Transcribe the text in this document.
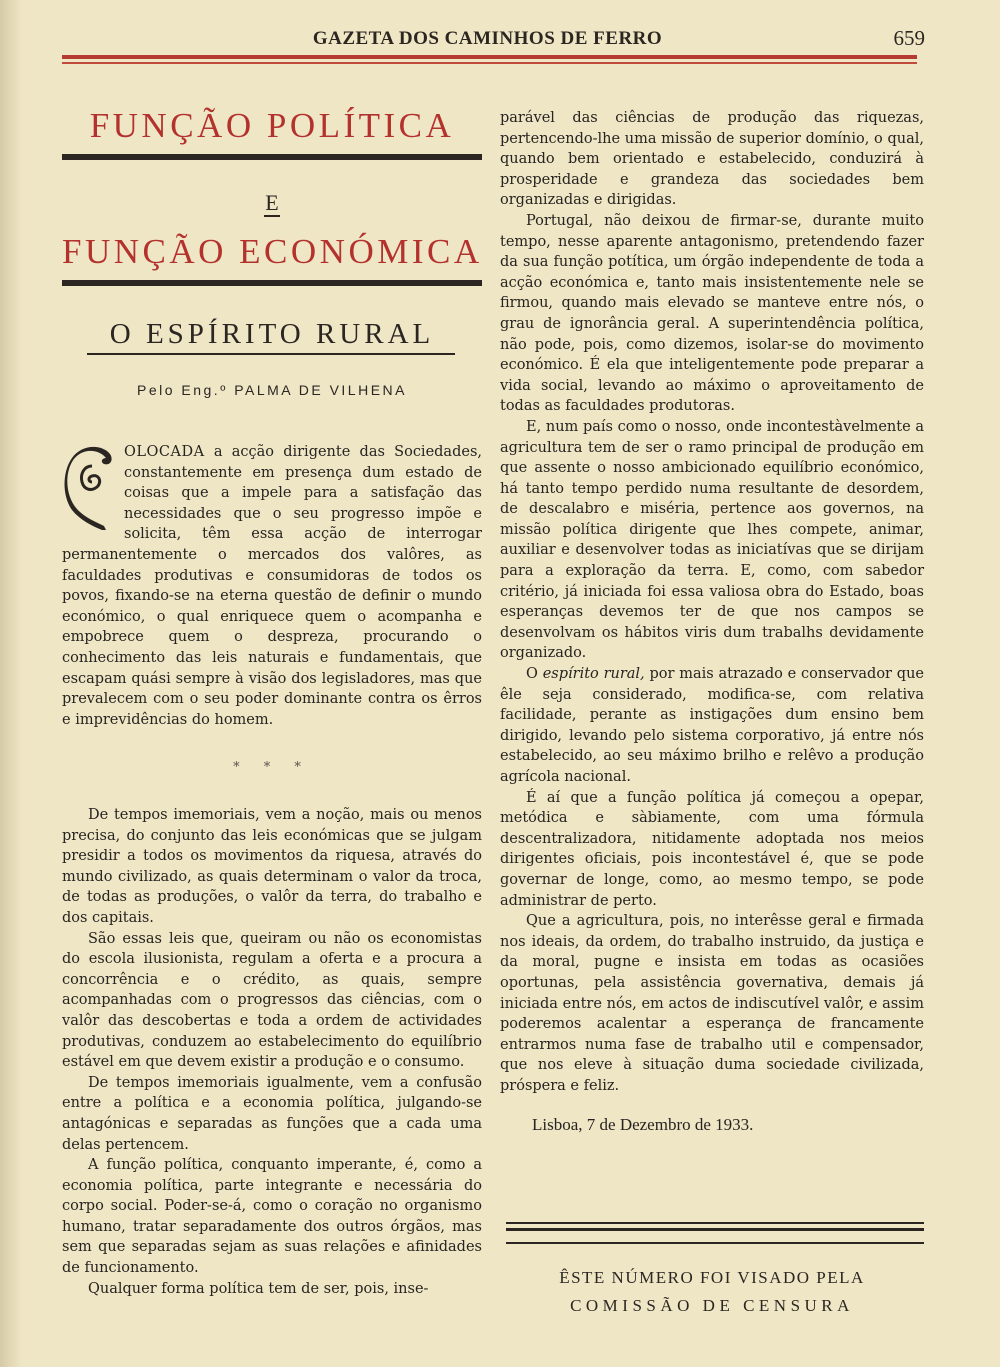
GAZETA DOS CAMINHOS DE FERRO	659
FUNÇÃO POLÍTICA
E
FUNÇÃO ECONÓMICA
O ESPÍRITO RURAL
Pelo Eng.º PALMA DE VILHENA

OLOCADA a acção dirigente das Sociedades, constantemente em presença dum estado de coisas que a impele para a satisfação das necessidades que o seu progresso impõe e solicita, têm essa acção de interrogar permanentemente o mercados dos valôres, as faculdades produtivas e consumidoras de todos os povos, fixando-se na eterna questão de definir o mundo económico, o qual enriquece quem o acompanha e empobrece quem o despreza, procurando o conhecimento das leis naturais e fundamentais, que escapam quási sempre à visão dos legisladores, mas que prevalecem com o seu poder dominante contra os êrros e imprevidências do homem.

* * *

De tempos imemoriais, vem a noção, mais ou menos precisa, do conjunto das leis económicas que se julgam presidir a todos os movimentos da riquesa, através do mundo civilizado, as quais determinam o valor da troca, de todas as produções, o valôr da terra, do trabalho e dos capitais.

São essas leis que, queiram ou não os economistas do escola ilusionista, regulam a oferta e a procura a concorrência e o crédito, as quais, sempre acompanhadas com o progressos das ciências, com o valôr das descobertas e toda a ordem de actividades produtivas, conduzem ao estabelecimento do equilíbrio estável em que devem existir a produção e o consumo.

De tempos imemoriais igualmente, vem a confusão entre a política e a economia política, julgando-se antagónicas e separadas as funções que a cada uma delas pertencem.

A função política, conquanto imperante, é, como a economia política, parte integrante e necessária do corpo social. Poder-se-á, como o coração no organismo humano, tratar separadamente dos outros órgãos, mas sem que separadas sejam as suas relações e afinidades de funcionamento.

Qualquer forma política tem de ser, pois, inse-

parável das ciências de produção das riquezas, pertencendo-lhe uma missão de superior domínio, o qual, quando bem orientado e estabelecido, conduzirá à prosperidade e grandeza das sociedades bem organizadas e dirigidas.

Portugal, não deixou de firmar-se, durante muito tempo, nesse aparente antagonismo, pretendendo fazer da sua função potítica, um órgão independente de toda a acção económica e, tanto mais insistentemente nele se firmou, quando mais elevado se manteve entre nós, o grau de ignorância geral. A superintendência política, não pode, pois, como dizemos, isolar-se do movimento económico. É ela que inteligentemente pode preparar a vida social, levando ao máximo o aproveitamento de todas as faculdades produtoras.

E, num país como o nosso, onde incontestàvelmente a agricultura tem de ser o ramo principal de produção em que assente o nosso ambicionado equilíbrio económico, há tanto tempo perdido numa resultante de desordem, de descalabro e miséria, pertence aos governos, na missão política dirigente que lhes compete, animar, auxiliar e desenvolver todas as iniciatívas que se dirijam para a exploração da terra. E, como, com sabedor critério, já iniciada foi essa valiosa obra do Estado, boas esperanças devemos ter de que nos campos se desenvolvam os hábitos viris dum trabalhs devidamente organizado.

O espírito rural, por mais atrazado e conservador que êle seja considerado, modifica-se, com relativa facilidade, perante as instigações dum ensino bem dirigido, levando pelo sistema corporativo, já entre nós estabelecido, ao seu máximo brilho e relêvo a produção agrícola nacional.

É aí que a função política já começou a opepar, metódica e sàbiamente, com uma fórmula descentralizadora, nitidamente adoptada nos meios dirigentes oficiais, pois incontestável é, que se pode governar de longe, como, ao mesmo tempo, se pode administrar de perto.

Que a agricultura, pois, no interêsse geral e firmada nos ideais, da ordem, do trabalho instruido, da justiça e da moral, pugne e insista em todas as ocasiões oportunas, pela assistência governativa, demais já iniciada entre nós, em actos de indiscutível valôr, e assim poderemos acalentar a esperança de francamente entrarmos numa fase de trabalho util e compensador, que nos eleve à situação duma sociedade civilizada, próspera e feliz.

Lisboa, 7 de Dezembro de 1933.
ÊSTE NÚMERO FOI VISADO PELA
COMISSÃO DE CENSURA
